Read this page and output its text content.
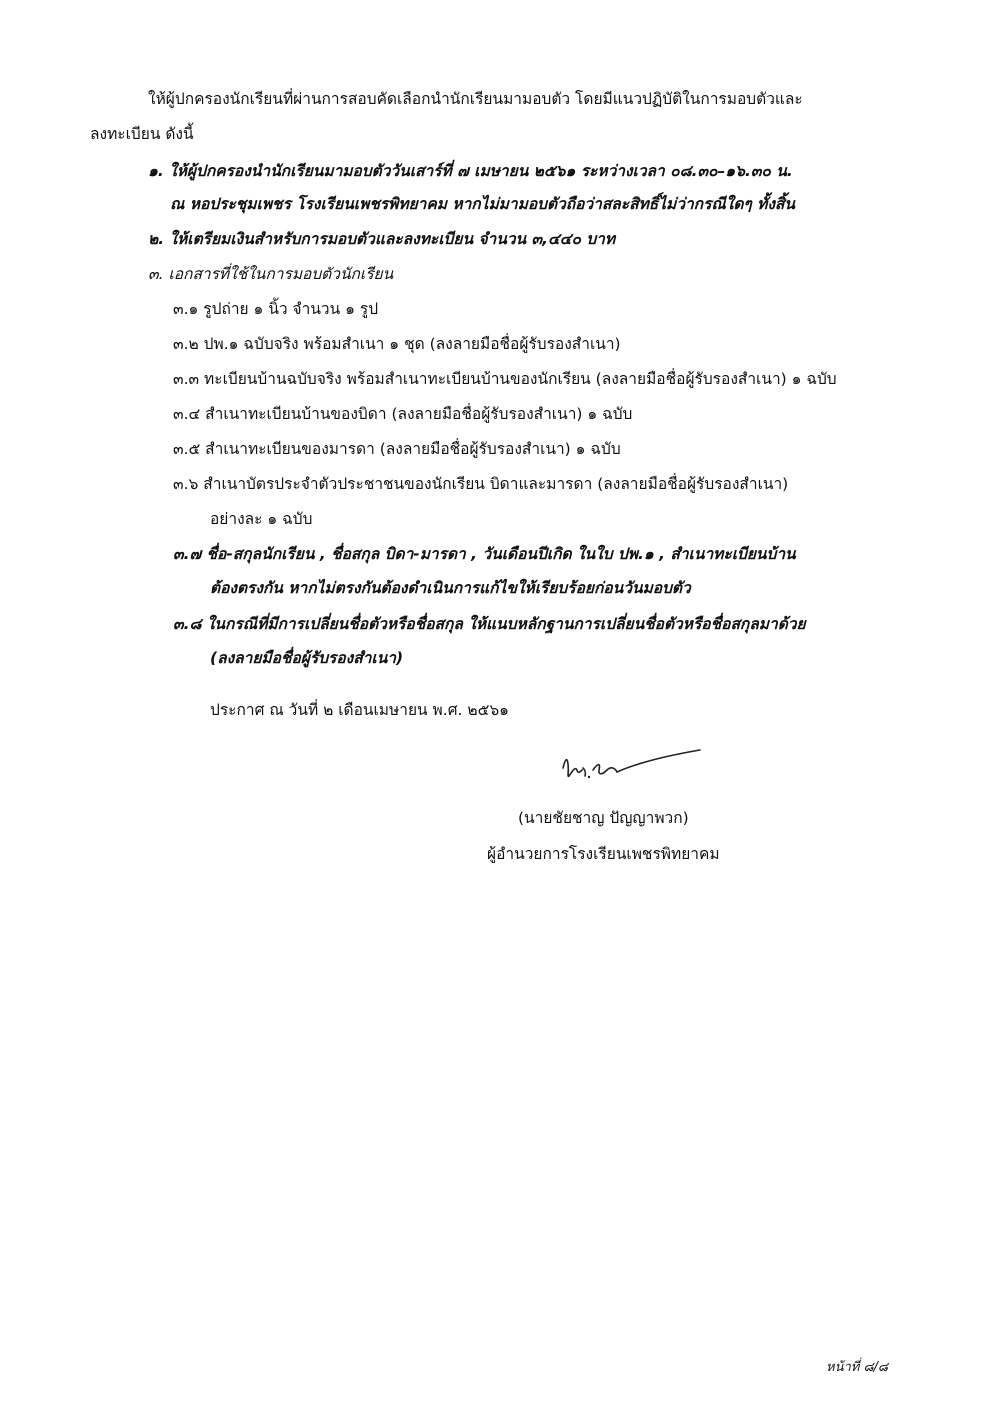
ให้ผู้ปกครองนักเรียนที่ผ่านการสอบคัดเลือกนำนักเรียนมามอบตัว โดยมีแนวปฏิบัติในการมอบตัวและ
ลงทะเบียน ดังนี้
๑. ให้ผู้ปกครองนำนักเรียนมามอบตัววันเสาร์ที่ ๗ เมษายน ๒๕๖๑ ระหว่างเวลา ๐๘.๓๐–๑๖.๓๐ น.
ณ หอประชุมเพชร โรงเรียนเพชรพิทยาคม หากไม่มามอบตัวถือว่าสละสิทธิ์ไม่ว่ากรณีใดๆ ทั้งสิ้น
๒. ให้เตรียมเงินสำหรับการมอบตัวและลงทะเบียน จำนวน ๓,๔๔๐ บาท
๓. เอกสารที่ใช้ในการมอบตัวนักเรียน
๓.๑ รูปถ่าย ๑ นิ้ว จำนวน ๑ รูป
๓.๒ ปพ.๑ ฉบับจริง พร้อมสำเนา ๑ ชุด (ลงลายมือชื่อผู้รับรองสำเนา)
๓.๓ ทะเบียนบ้านฉบับจริง พร้อมสำเนาทะเบียนบ้านของนักเรียน (ลงลายมือชื่อผู้รับรองสำเนา) ๑ ฉบับ
๓.๔ สำเนาทะเบียนบ้านของบิดา (ลงลายมือชื่อผู้รับรองสำเนา) ๑ ฉบับ
๓.๕ สำเนาทะเบียนของมารดา (ลงลายมือชื่อผู้รับรองสำเนา) ๑ ฉบับ
๓.๖ สำเนาบัตรประจำตัวประชาชนของนักเรียน บิดาและมารดา (ลงลายมือชื่อผู้รับรองสำเนา)
อย่างละ ๑ ฉบับ
๓.๗ ชื่อ-สกุลนักเรียน , ชื่อสกุล บิดา-มารดา , วันเดือนปีเกิด ในใบ ปพ.๑ , สำเนาทะเบียนบ้าน
ต้องตรงกัน หากไม่ตรงกันต้องดำเนินการแก้ไขให้เรียบร้อยก่อนวันมอบตัว
๓.๘ ในกรณีที่มีการเปลี่ยนชื่อตัวหรือชื่อสกุล ให้แนบหลักฐานการเปลี่ยนชื่อตัวหรือชื่อสกุลมาด้วย
(ลงลายมือชื่อผู้รับรองสำเนา)
ประกาศ ณ วันที่ ๒ เดือนเมษายน พ.ศ. ๒๕๖๑
(นายชัยชาญ ปัญญาพวก)
ผู้อำนวยการโรงเรียนเพชรพิทยาคม
หน้าที่ ๘/๘
